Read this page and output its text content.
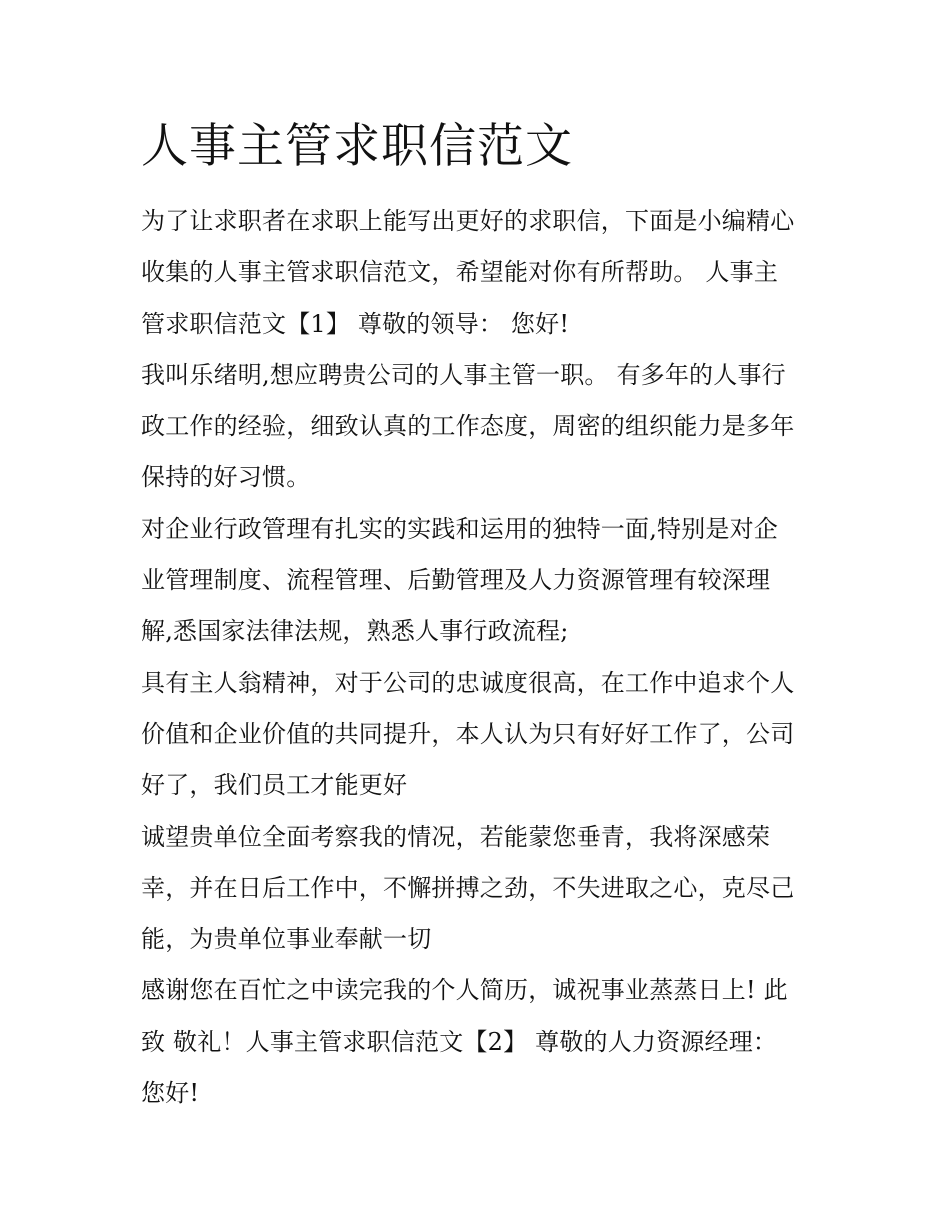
人事主管求职信范文
为了让求职者在求职上能写出更好的求职信，下面是小编精心
收集的人事主管求职信范文，希望能对你有所帮助。 人事主
管求职信范文【1】 尊敬的领导： 您好!
我叫乐绪明,想应聘贵公司的人事主管一职。 有多年的人事行
政工作的经验，细致认真的工作态度，周密的组织能力是多年
保持的好习惯。
对企业行政管理有扎实的实践和运用的独特一面,特别是对企
业管理制度、流程管理、后勤管理及人力资源管理有较深理
解,悉国家法律法规，熟悉人事行政流程;
具有主人翁精神，对于公司的忠诚度很高，在工作中追求个人
价值和企业价值的共同提升，本人认为只有好好工作了，公司
好了，我们员工才能更好
诚望贵单位全面考察我的情况，若能蒙您垂青，我将深感荣
幸，并在日后工作中，不懈拼搏之劲，不失进取之心，克尽己
能，为贵单位事业奉献一切
感谢您在百忙之中读完我的个人简历，诚祝事业蒸蒸日上! 此
致 敬礼！人事主管求职信范文【2】 尊敬的人力资源经理：
您好!
